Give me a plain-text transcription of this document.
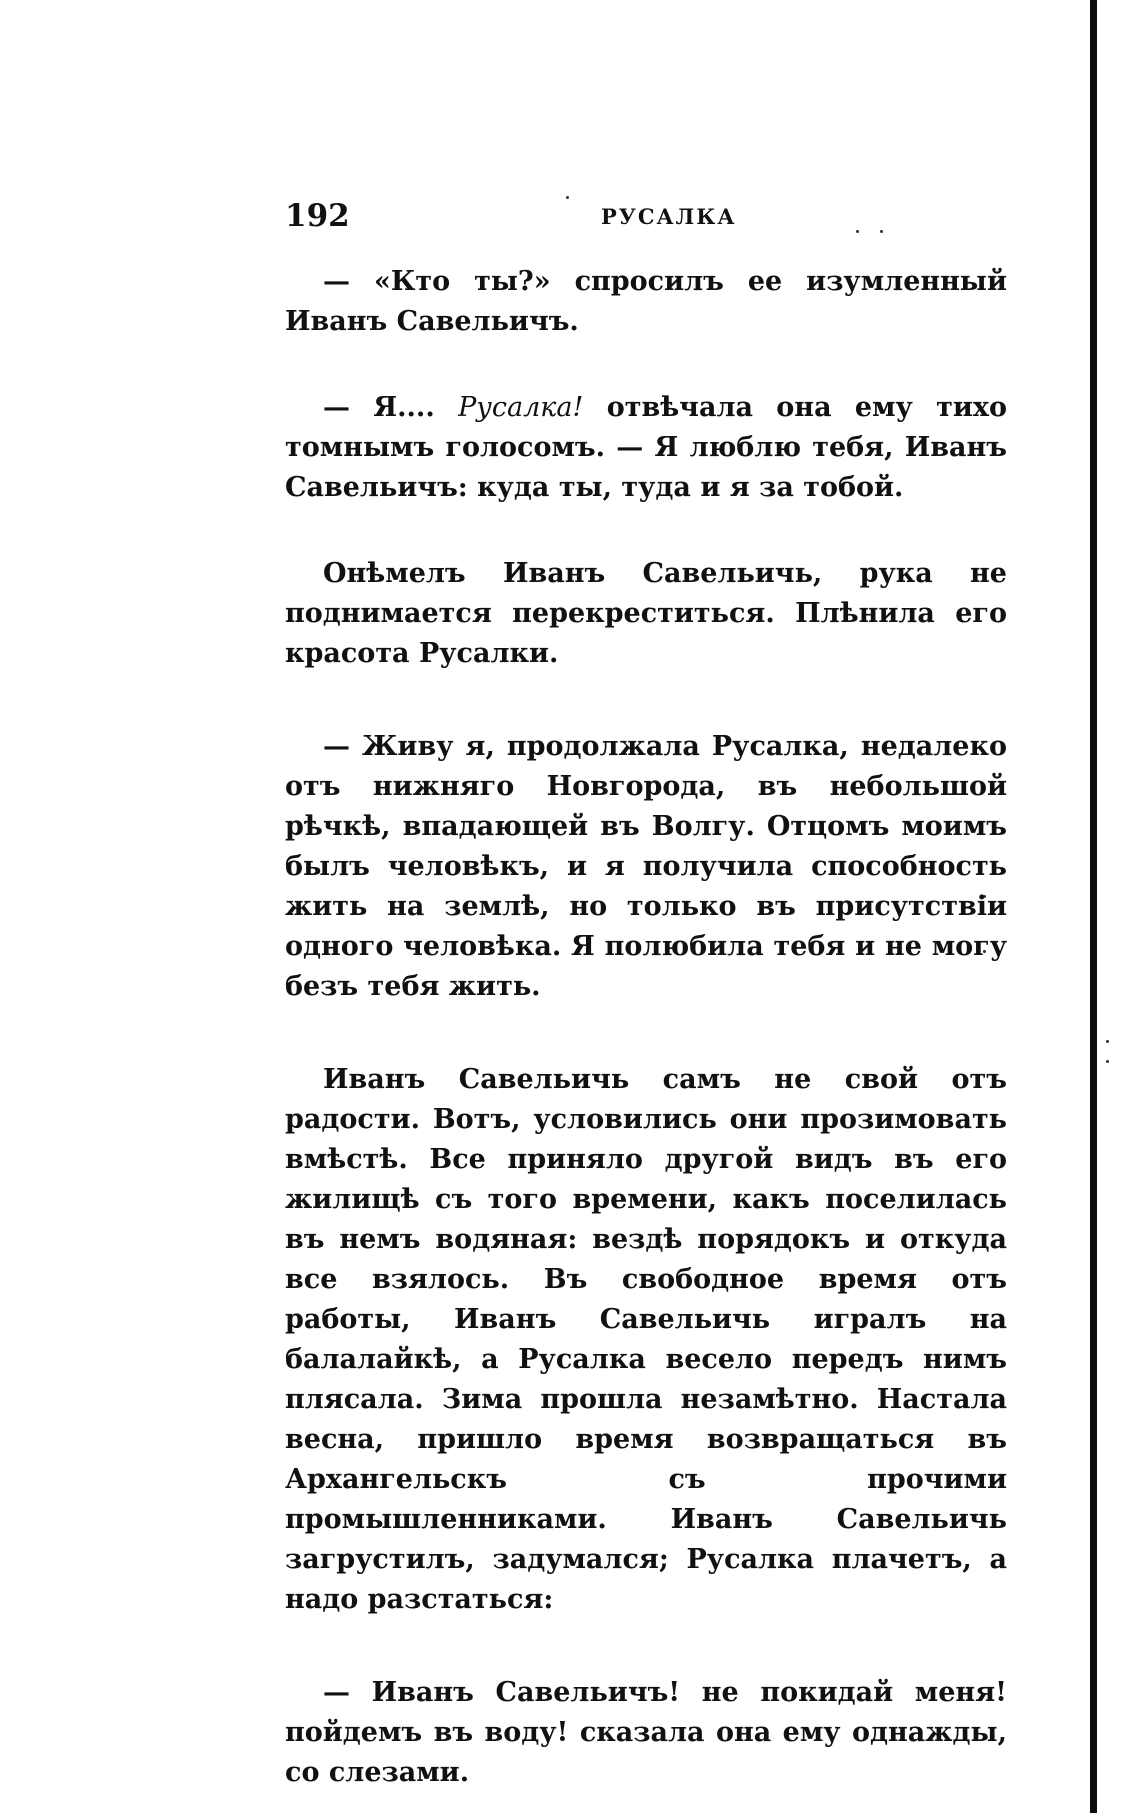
192	РУСАЛКА

— «Кто ты?» спросилъ ее изумленный Иванъ Савельичъ.

— Я.... Русалка! отвѣчала она ему тихо томнымъ голосомъ. — Я люблю тебя, Иванъ Савельичъ: куда ты, туда и я за тобой.

Онѣмелъ Иванъ Савельичь, рука не поднимается перекреститься. Плѣнила его красота Русалки.

— Живу я, продолжала Русалка, недалеко отъ нижняго Новгорода, въ небольшой рѣчкѣ, впадающей въ Волгу. Отцомъ моимъ былъ человѣкъ, и я получила способность жить на землѣ, но только въ присутствіи одного человѣка. Я полюбила тебя и не могу безъ тебя жить.

Иванъ Савельичь самъ не свой отъ радости. Вотъ, условились они прозимовать вмѣстѣ. Все приняло другой видъ въ его жилищѣ съ того времени, какъ поселилась въ немъ водяная: вездѣ порядокъ и откуда все взялось. Въ свободное время отъ работы, Иванъ Савельичь игралъ на балалайкѣ, а Русалка весело передъ нимъ плясала. Зима прошла незамѣтно. Настала весна, пришло время возвращаться въ Архангельскъ съ прочими промышленниками. Иванъ Савельичь загрустилъ, задумался; Русалка плачетъ, а надо разстаться:

— Иванъ Савельичъ! не покидай меня! пойдемъ въ воду! сказала она ему однажды, со слезами.
